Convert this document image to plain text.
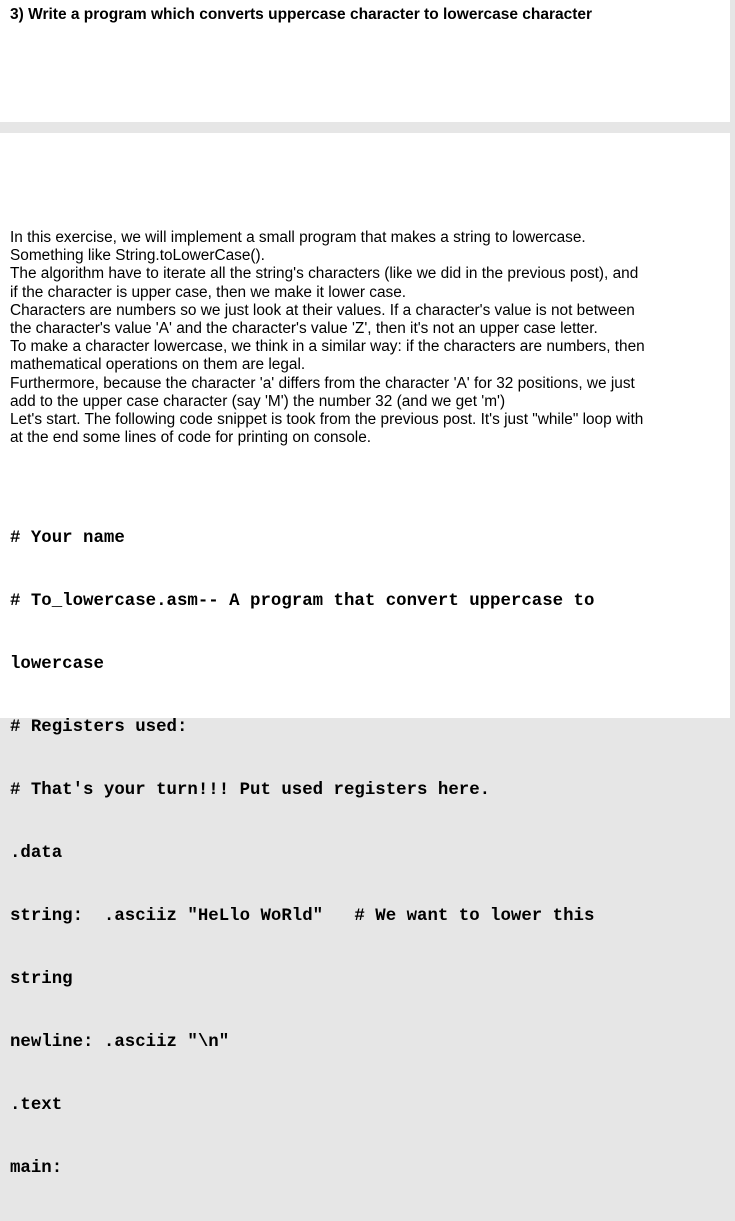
3) Write a program which converts uppercase character to lowercase character

In this exercise, we will implement a small program that makes a string to lowercase. Something like String.toLowerCase().

The algorithm have to iterate all the string's characters (like we did in the previous post), and if the character is upper case, then we make it lower case.

Characters are numbers so we just look at their values. If a character's value is not between the character's value 'A' and the character's value 'Z', then it's not an upper case letter.

To make a character lowercase, we think in a similar way: if the characters are numbers, then mathematical operations on them are legal.

Furthermore, because the character 'a' differs from the character 'A' for 32 positions, we just add to the upper case character (say 'M') the number 32 (and we get 'm')

Let's start. The following code snippet is took from the previous post. It's just "while" loop with at the end some lines of code for printing on console.

# Your name

# To_lowercase.asm-- A program that convert uppercase to

lowercase

# Registers used:

# That's your turn!!! Put used registers here.

.data

string:  .asciiz "HeLlo WoRld"   # We want to lower this

string

newline: .asciiz "\n"

.text

main:
